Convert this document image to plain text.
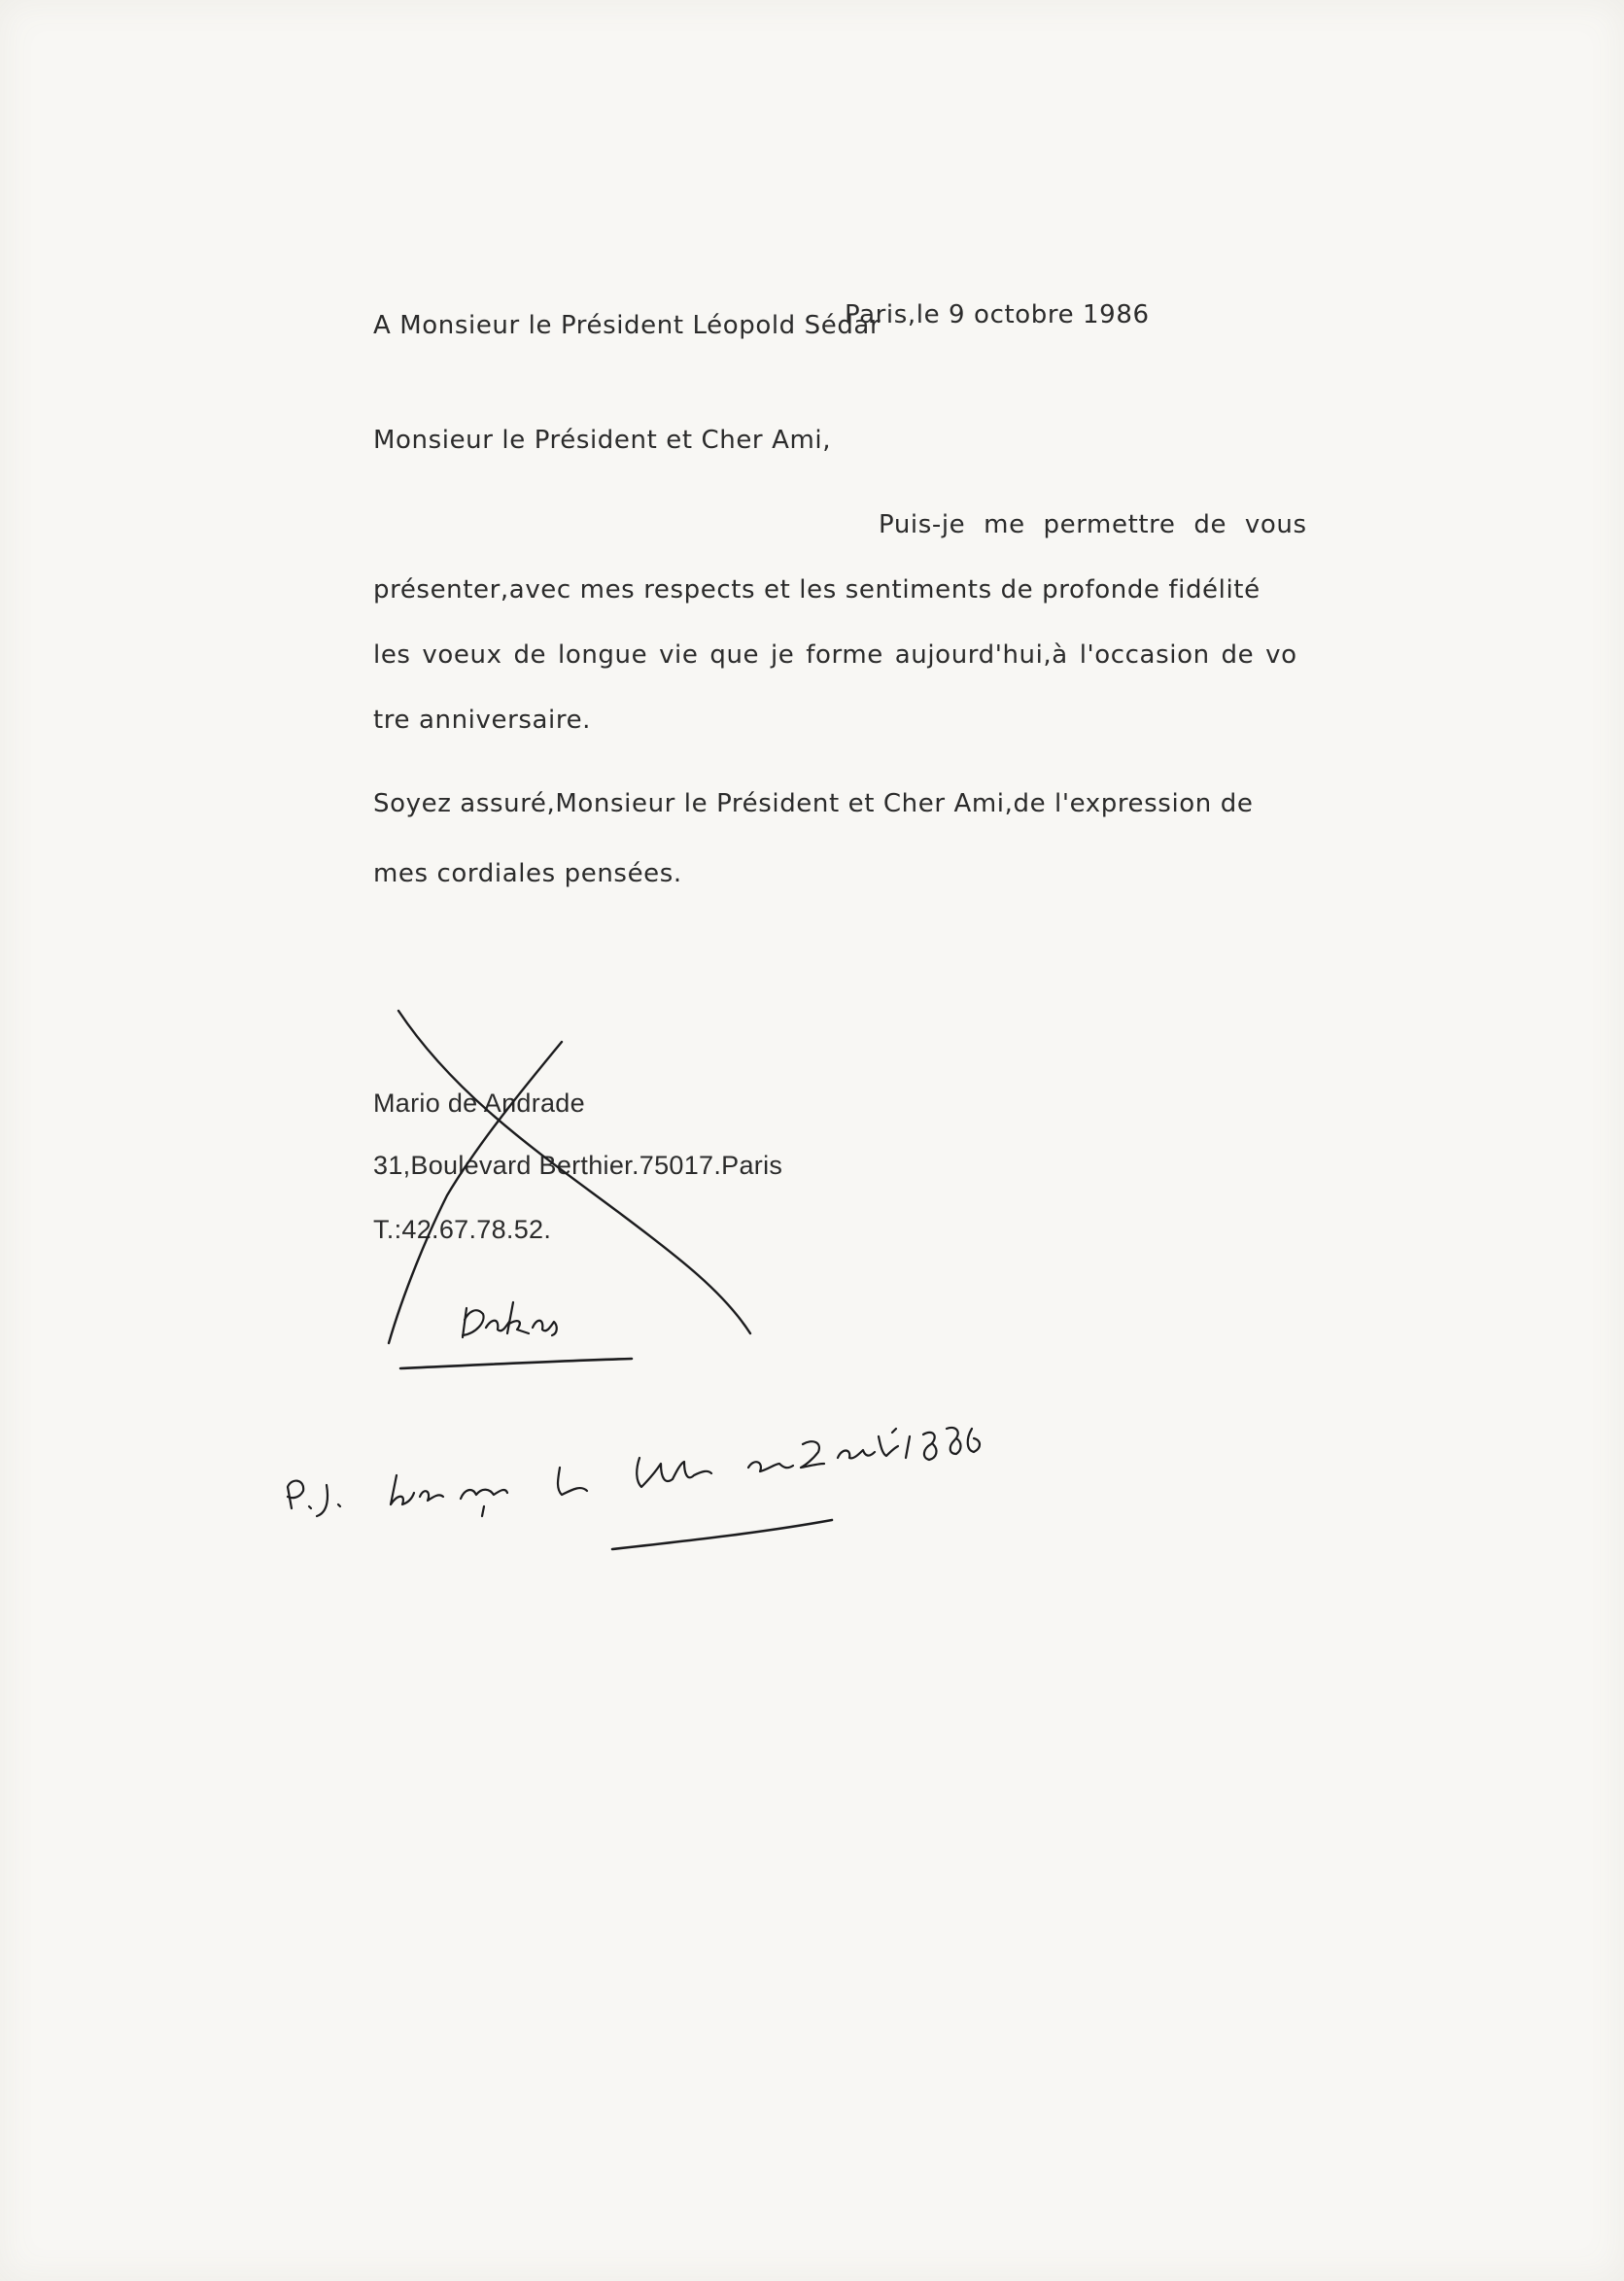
A Monsieur le Président Léopold Sédar
Paris,le 9 octobre 1986
Monsieur le Président et Cher Ami,
Puis-je me permettre de vous
présenter,avec mes respects et les sentiments de profonde fidélité
les voeux de longue vie que je forme aujourd'hui,à l'occasion de vo
tre anniversaire.
Soyez assuré,Monsieur le Président et Cher Ami,de l'expression de
mes cordiales pensées.
Mario de Andrade
31,Boulevard Berthier.75017.Paris
T.:42.67.78.52.
